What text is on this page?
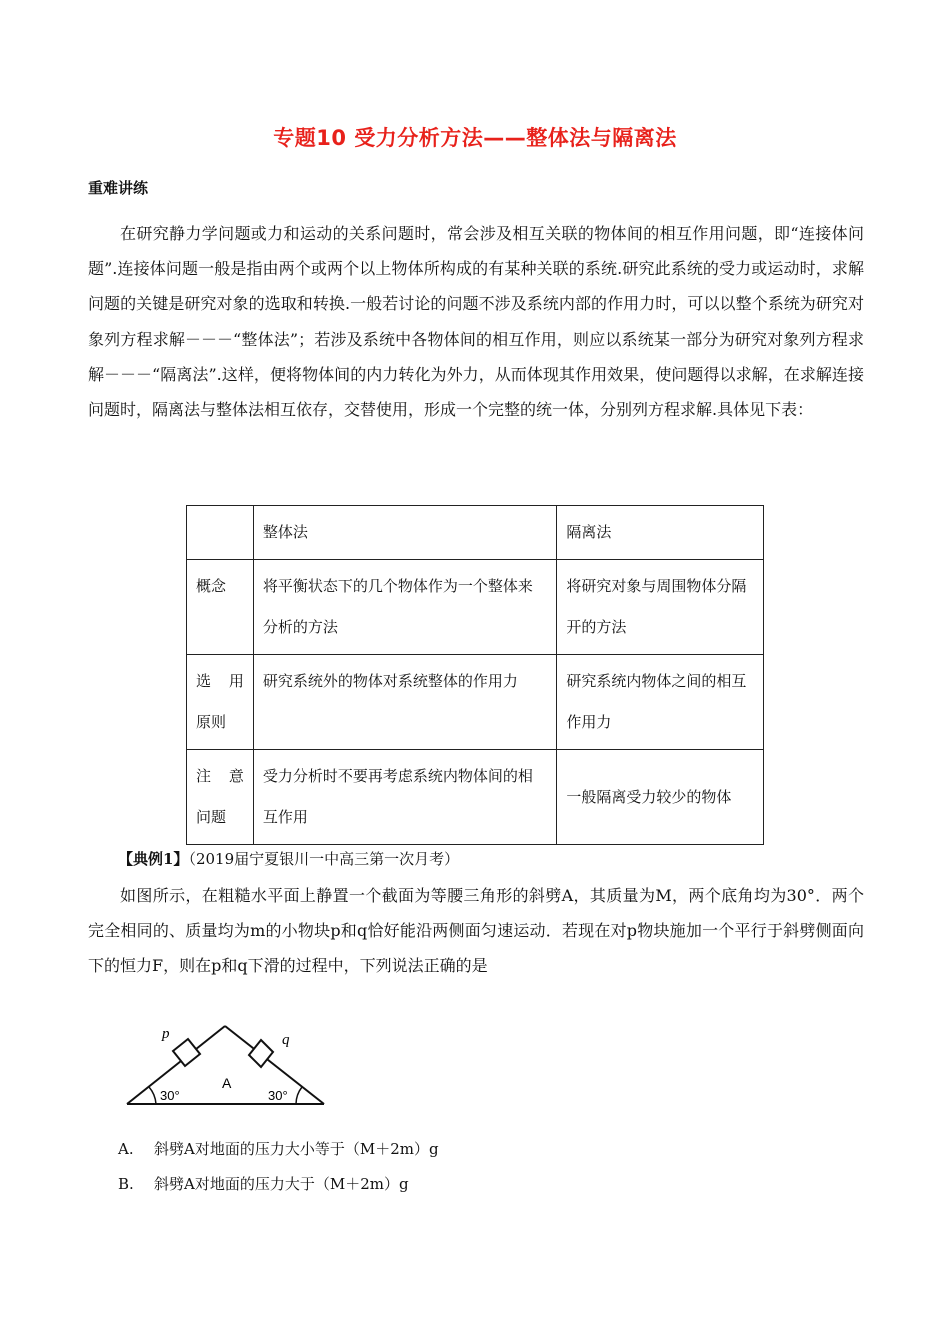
专题10 受力分析方法——整体法与隔离法
重难讲练

在研究静力学问题或力和运动的关系问题时，常会涉及相互关联的物体间的相互作用问题，即“连接体问题”.连接体问题一般是指由两个或两个以上物体所构成的有某种关联的系统.研究此系统的受力或运动时，求解问题的关键是研究对象的选取和转换.一般若讨论的问题不涉及系统内部的作用力时，可以以整个系统为研究对象列方程求解－－－“整体法”；若涉及系统中各物体间的相互作用，则应以系统某一部分为研究对象列方程求解－－－“隔离法”.这样，便将物体间的内力转化为外力，从而体现其作用效果，使问题得以求解，在求解连接问题时，隔离法与整体法相互依存，交替使用，形成一个完整的统一体，分别列方程求解.具体见下表：

	整体法	隔离法
概念	将平衡状态下的几个物体作为一个整体来分析的方法	将研究对象与周围物体分隔开的方法

选 用
原则	研究系统外的物体对系统整体的作用力	研究系统内物体之间的相互作用力

注 意
问题	受力分析时不要再考虑系统内物体间的相互作用	一般隔离受力较少的物体
【典例1】（2019届宁夏银川一中高三第一次月考）

如图所示，在粗糙水平面上静置一个截面为等腰三角形的斜劈A，其质量为M，两个底角均为30°．两个完全相同的、质量均为m的小物块p和q恰好能沿两侧面匀速运动．若现在对p物块施加一个平行于斜劈侧面向下的恒力F，则在p和q下滑的过程中，下列说法正确的是

p	q
A
30°	30°
A. 斜劈A对地面的压力大小等于（M＋2m）g
B. 斜劈A对地面的压力大于（M＋2m）g
